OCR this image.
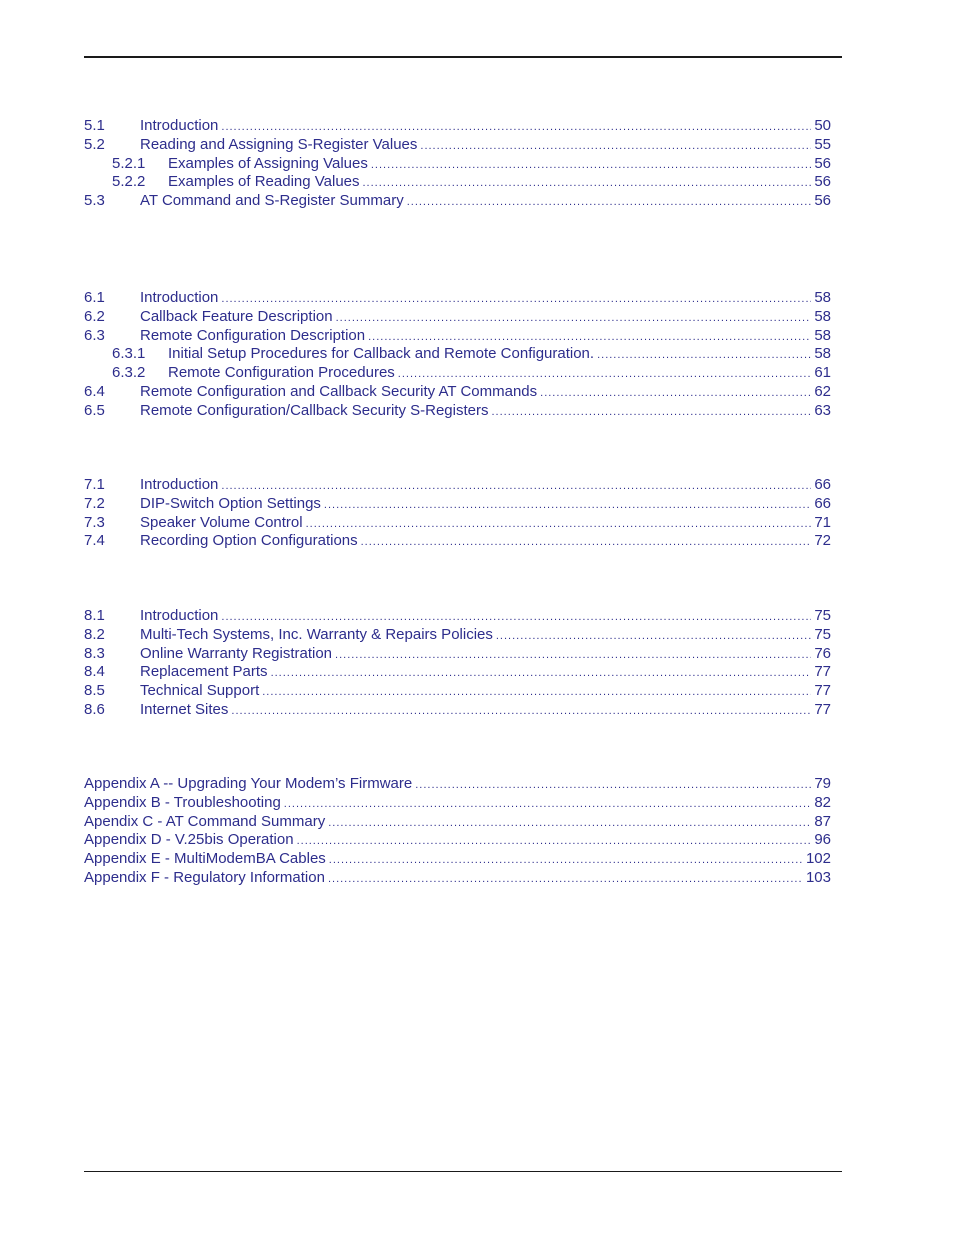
5.1	Introduction .....	50
5.2	Reading and Assigning S-Register Values .....	55
5.2.1	Examples of Assigning Values .....	56
5.2.2	Examples of Reading Values .....	56
5.3	AT Command and S-Register Summary .....	56
6.1	Introduction .....	58
6.2	Callback Feature Description .....	58
6.3	Remote Configuration Description .....	58
6.3.1	Initial Setup Procedures for Callback and Remote Configuration. .....	58
6.3.2	Remote Configuration Procedures .....	61
6.4	Remote Configuration and Callback Security AT Commands .....	62
6.5	Remote Configuration/Callback Security S-Registers .....	63
7.1	Introduction .....	66
7.2	DIP-Switch Option Settings .....	66
7.3	Speaker Volume Control .....	71
7.4	Recording Option Configurations .....	72
8.1	Introduction .....	75
8.2	Multi-Tech Systems, Inc. Warranty & Repairs Policies .....	75
8.3	Online Warranty Registration .....	76
8.4	Replacement Parts .....	77
8.5	Technical Support .....	77
8.6	Internet Sites .....	77
Appendix A -- Upgrading Your Modem’s Firmware .....	79
Appendix B - Troubleshooting .....	82
Apendix C - AT Command Summary .....	87
Appendix D - V.25bis Operation .....	96
Appendix E - MultiModemBA Cables .....	102
Appendix F - Regulatory Information .....	103
